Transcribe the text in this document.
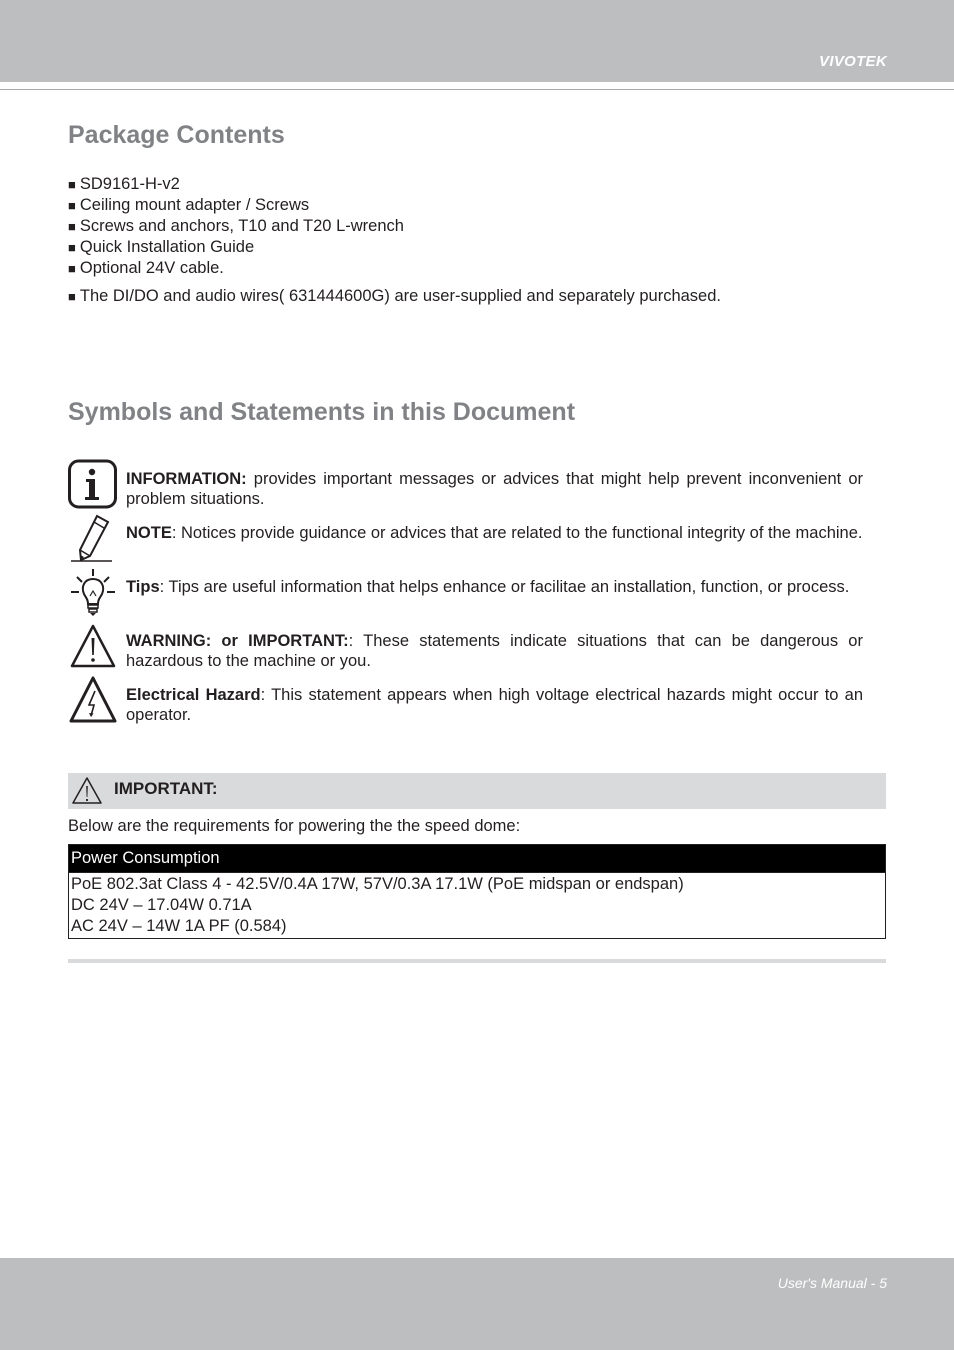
VIVOTEK
Package Contents
■ SD9161-H-v2
■ Ceiling mount adapter / Screws
■ Screws and anchors, T10 and T20 L-wrench
■ Quick Installation Guide
■ Optional 24V cable.
■ The DI/DO and audio wires( 631444600G) are user-supplied and separately purchased.
Symbols and Statements in this Document
INFORMATION: provides important messages or advices that might help prevent inconvenient or problem situations.
NOTE: Notices provide guidance or advices that are related to the functional integrity of the machine.
Tips: Tips are useful information that helps enhance or facilitae an installation, function, or process.
WARNING: or IMPORTANT:: These statements indicate situations that can be dangerous or hazardous to the machine or you.
Electrical Hazard: This statement appears when high voltage electrical hazards might occur to an operator.
IMPORTANT:
Below are the requirements for powering the the speed dome:
Power Consumption
PoE 802.3at Class 4 - 42.5V/0.4A 17W, 57V/0.3A 17.1W (PoE midspan or endspan)
DC 24V – 17.04W 0.71A
AC 24V – 14W 1A PF (0.584)
User's Manual - 5
